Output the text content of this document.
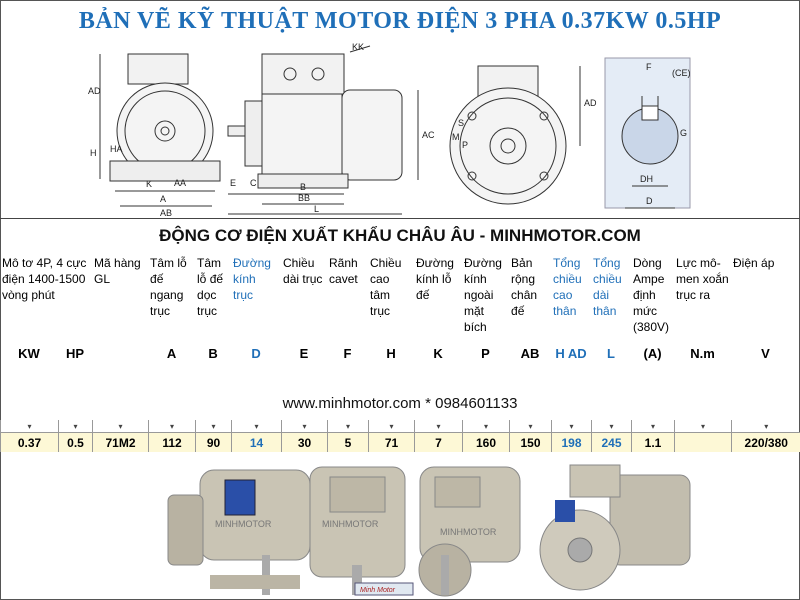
BẢN VẼ KỸ THUẬT MOTOR ĐIỆN 3 PHA 0.37KW 0.5HP
AD
H HA
K
A
AA
AB
KK
AC
E C	B
BB
L
S
M
P
AD
F
(CE)
G
DH
D
ĐỘNG CƠ ĐIỆN XUẤT KHẨU CHÂU ÂU - MINHMOTOR.COM
Mô tơ 4P, 4 cực điện 1400-1500 vòng phút		Mã hàng GL	Tâm lỗ đế ngang trục	Tâm lỗ đế dọc trục	Đường kính trục	Chiều dài trục	Rãnh cavet	Chiều cao tâm trục	Đường kính lỗ đế	Đường kính ngoài mặt bích	Bản rộng chân đế	Tổng chiều cao thân	Tổng chiều dài thân	Dòng Ampe định mức (380V)	Lực mô-men xoắn trục ra	Điện áp
KW	HP		A	B	D	E	F	H	K	P	AB	H AD	L	(A)	N.m	V
www.minhmotor.com * 0984601133
▾	▾	▾	▾	▾	▾	▾	▾	▾	▾	▾	▾	▾	▾	▾	▾	▾
0.37	0.5	71M2	112	90	14	30	5	71	7	160	150	198	245	1.1		220/380
MINHMOTOR	MINHMOTOR
Minh Motor
MINHMOTOR
